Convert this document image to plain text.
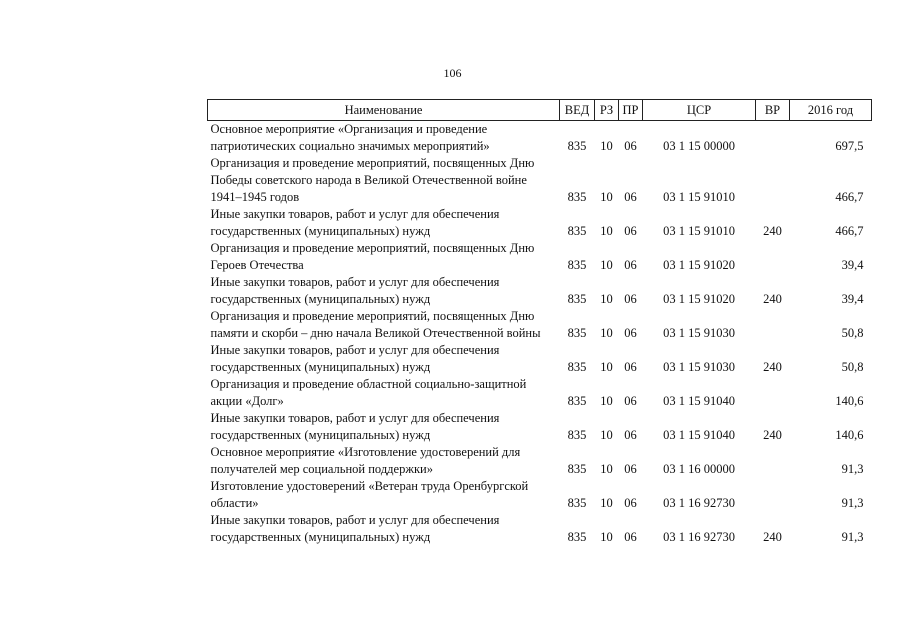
106
Наименование	ВЕД	РЗ	ПР	ЦСР	ВР	2016 год
Основное мероприятие «Организация и проведение патриотических социально значимых мероприятий»	835	10	06	03 1 15 00000		697,5
Организация и проведение мероприятий, посвященных Дню Победы советского народа в Великой Отечественной войне 1941–1945 годов	835	10	06	03 1 15 91010		466,7
Иные закупки товаров, работ и услуг для обеспечения государственных (муниципальных) нужд	835	10	06	03 1 15 91010	240	466,7
Организация и проведение мероприятий, посвященных Дню Героев Отечества	835	10	06	03 1 15 91020		39,4
Иные закупки товаров, работ и услуг для обеспечения государственных (муниципальных) нужд	835	10	06	03 1 15 91020	240	39,4
Организация и проведение мероприятий, посвященных Дню памяти и скорби – дню начала Великой Отечественной войны	835	10	06	03 1 15 91030		50,8
Иные закупки товаров, работ и услуг для обеспечения государственных (муниципальных) нужд	835	10	06	03 1 15 91030	240	50,8
Организация и проведение областной социально-защитной акции «Долг»	835	10	06	03 1 15 91040		140,6
Иные закупки товаров, работ и услуг для обеспечения государственных (муниципальных) нужд	835	10	06	03 1 15 91040	240	140,6
Основное мероприятие «Изготовление удостоверений для получателей мер социальной поддержки»	835	10	06	03 1 16 00000		91,3
Изготовление удостоверений «Ветеран труда Оренбургской области»	835	10	06	03 1 16 92730		91,3
Иные закупки товаров, работ и услуг для обеспечения государственных (муниципальных) нужд	835	10	06	03 1 16 92730	240	91,3
